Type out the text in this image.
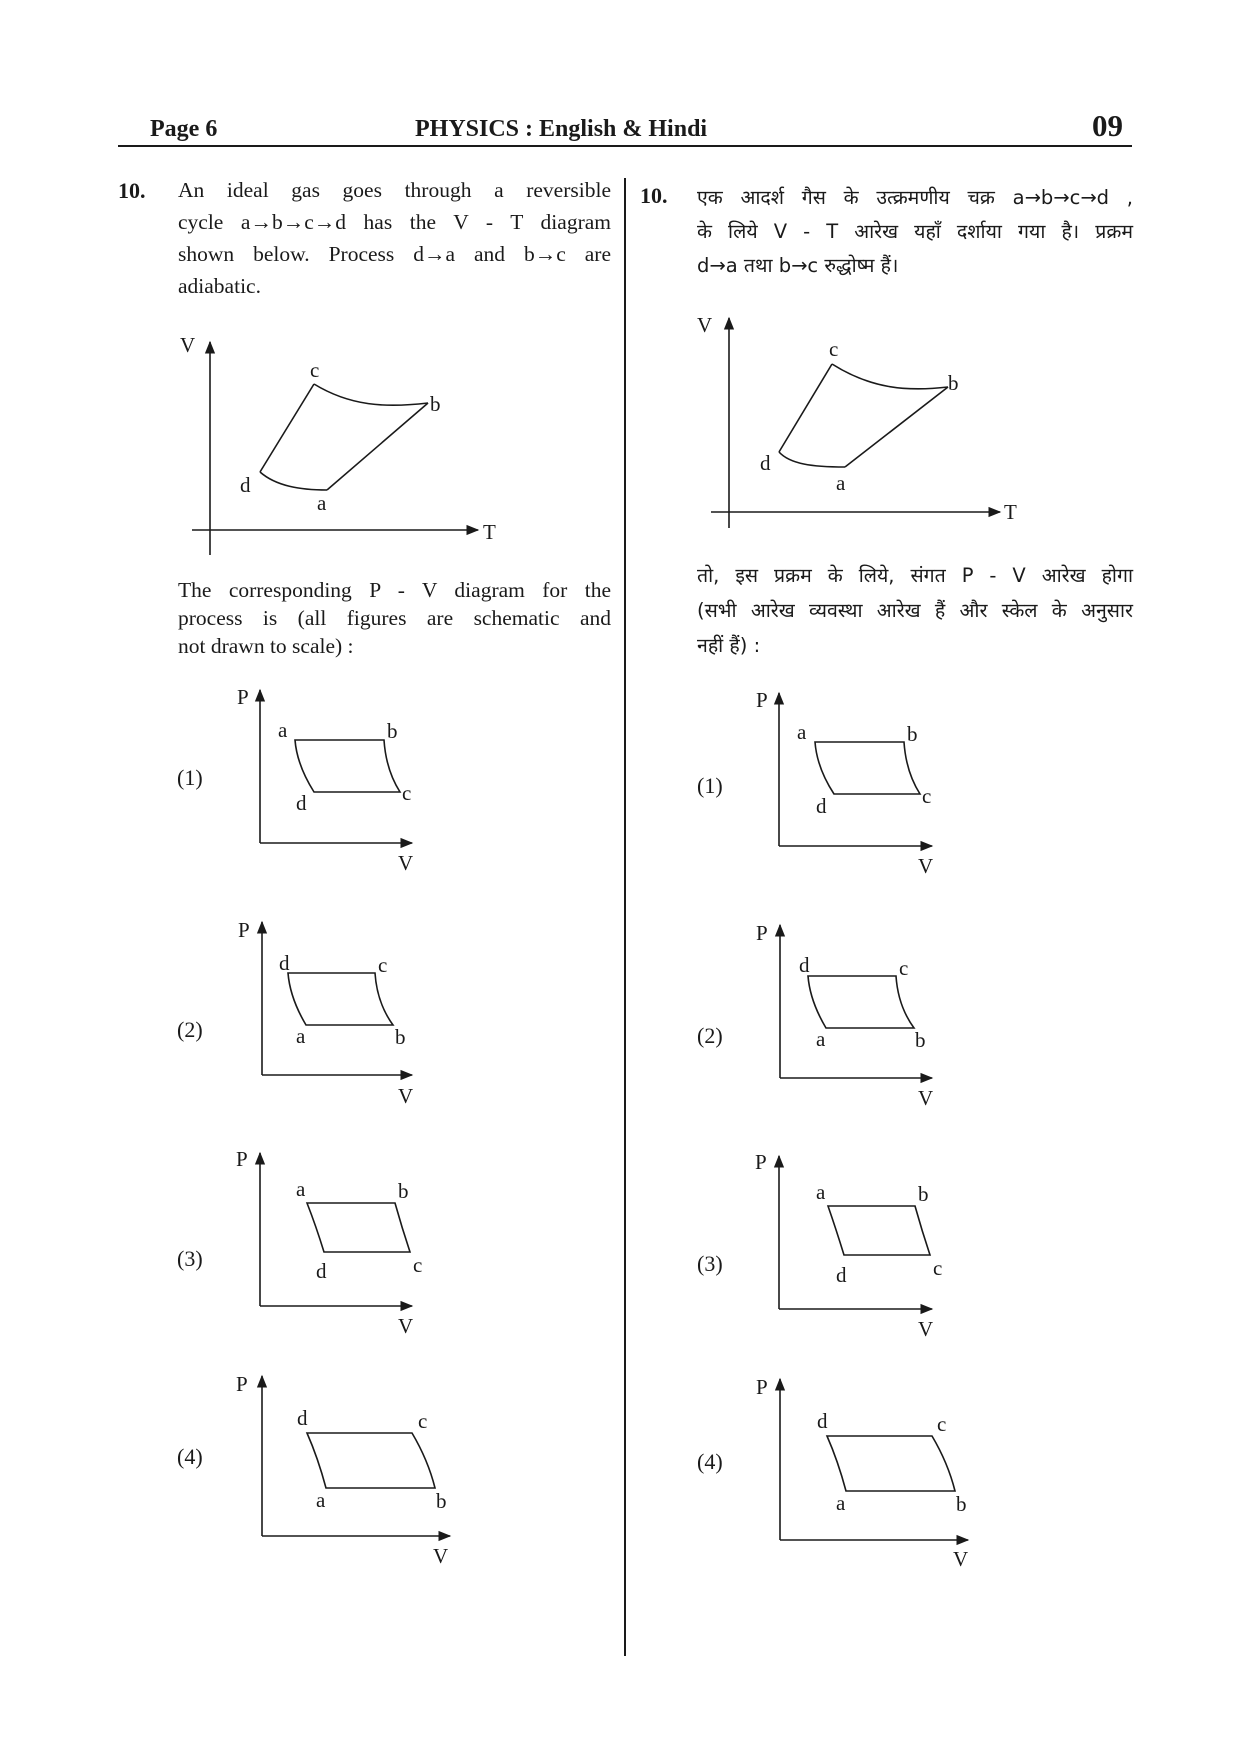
Page 6	PHYSICS : English & Hindi	09
10.	10.
An ideal gas goes through a reversible
cycle a→b→c→d has the V - T diagram
shown below. Process d→a and b→c are
adiabatic.
The corresponding P - V diagram for the
process is (all figures are schematic and
not drawn to scale) :
एक आदर्श गैस के उत्क्रमणीय चक्र a→b→c→d ,
के लिये V - T आरेख यहाँ दर्शाया गया है। प्रक्रम
d→a तथा b→c रुद्धोष्म हैं।
तो, इस प्रक्रम के लिये, संगत P - V आरेख होगा
(सभी आरेख व्यवस्था आरेख हैं और स्केल के अनुसार
नहीं हैं) :
(1)
(2)
(3)
(4)
(1)
(2)
(3)
(4)
V
T
c
b
d
a
V
T
c
b
d
a
P
V
a	b
d	c
P
V
d	c
a	b
P
V
a	b
d	c
P
V
d	c
a	b
P
V
a	b
d	c
P
V
d	c
a	b
P
V
a	b
d	c
P
V
d	c
a	b
